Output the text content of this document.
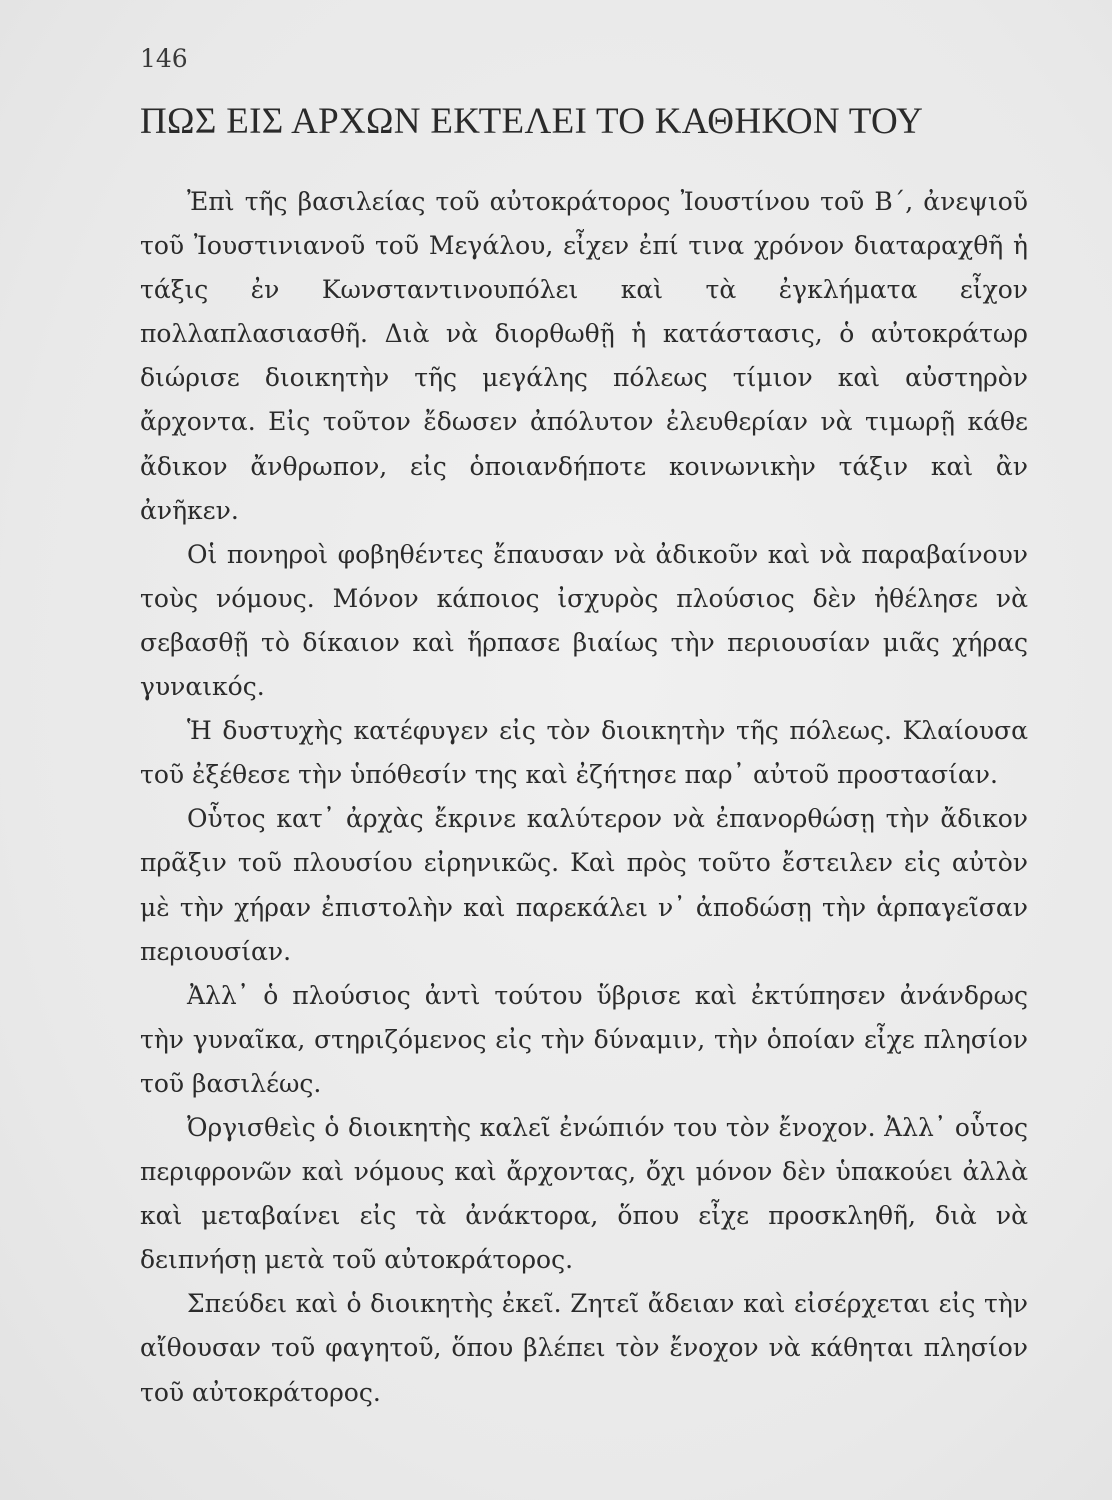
146
ΠΩΣ ΕΙΣ ΑΡΧΩΝ ΕΚΤΕΛΕΙ ΤΟ ΚΑΘΗΚΟΝ ΤΟΥ

Ἐπὶ τῆς βασιλείας τοῦ αὐτοκράτορος Ἰουστίνου τοῦ Β΄, ἀνεψιοῦ τοῦ Ἰουστινιανοῦ τοῦ Μεγάλου, εἶχεν ἐπί τινα χρόνον διαταραχθῆ ἡ τάξις ἐν Κωνσταντινουπόλει καὶ τὰ ἐγκλήματα εἶχον πολλαπλασιασθῆ. Διὰ νὰ διορθωθῇ ἡ κατάστασις, ὁ αὐτοκράτωρ διώρισε διοικητὴν τῆς μεγάλης πόλεως τίμιον καὶ αὐστηρὸν ἄρχοντα. Εἰς τοῦτον ἔδωσεν ἀπόλυτον ἐλευθερίαν νὰ τιμωρῇ κάθε ἄδικον ἄνθρωπον, εἰς ὁποιανδήποτε κοινωνικὴν τάξιν καὶ ἂν ἀνῆκεν.

Οἱ πονηροὶ φοβηθέντες ἔπαυσαν νὰ ἀδικοῦν καὶ νὰ παραβαίνουν τοὺς νόμους. Μόνον κάποιος ἰσχυρὸς πλούσιος δὲν ἠθέλησε νὰ σεβασθῇ τὸ δίκαιον καὶ ἥρπασε βιαίως τὴν περιουσίαν μιᾶς χήρας γυναικός.

Ἡ δυστυχὴς κατέφυγεν εἰς τὸν διοικητὴν τῆς πόλεως. Κλαίουσα τοῦ ἐξέθεσε τὴν ὑπόθεσίν της καὶ ἐζήτησε παρ᾽ αὐτοῦ προστασίαν.

Οὗτος κατ᾽ ἀρχὰς ἔκρινε καλύτερον νὰ ἐπανορθώσῃ τὴν ἄδικον πρᾶξιν τοῦ πλουσίου εἰρηνικῶς. Καὶ πρὸς τοῦτο ἔστειλεν εἰς αὐτὸν μὲ τὴν χήραν ἐπιστολὴν καὶ παρεκάλει ν᾽ ἀποδώσῃ τὴν ἁρπαγεῖσαν περιουσίαν.

Ἀλλ᾽ ὁ πλούσιος ἀντὶ τούτου ὕβρισε καὶ ἐκτύπησεν ἀνάνδρως τὴν γυναῖκα, στηριζόμενος εἰς τὴν δύναμιν, τὴν ὁποίαν εἶχε πλησίον τοῦ βασιλέως.

Ὀργισθεὶς ὁ διοικητὴς καλεῖ ἐνώπιόν του τὸν ἔνοχον. Ἀλλ᾽ οὗτος περιφρονῶν καὶ νόμους καὶ ἄρχοντας, ὄχι μόνον δὲν ὑπακούει ἀλλὰ καὶ μεταβαίνει εἰς τὰ ἀνάκτορα, ὅπου εἶχε προσκληθῆ, διὰ νὰ δειπνήσῃ μετὰ τοῦ αὐτοκράτορος.

Σπεύδει καὶ ὁ διοικητὴς ἐκεῖ. Ζητεῖ ἄδειαν καὶ εἰσέρχεται εἰς τὴν αἴθουσαν τοῦ φαγητοῦ, ὅπου βλέπει τὸν ἔνοχον νὰ κάθηται πλησίον τοῦ αὐτοκράτορος.
